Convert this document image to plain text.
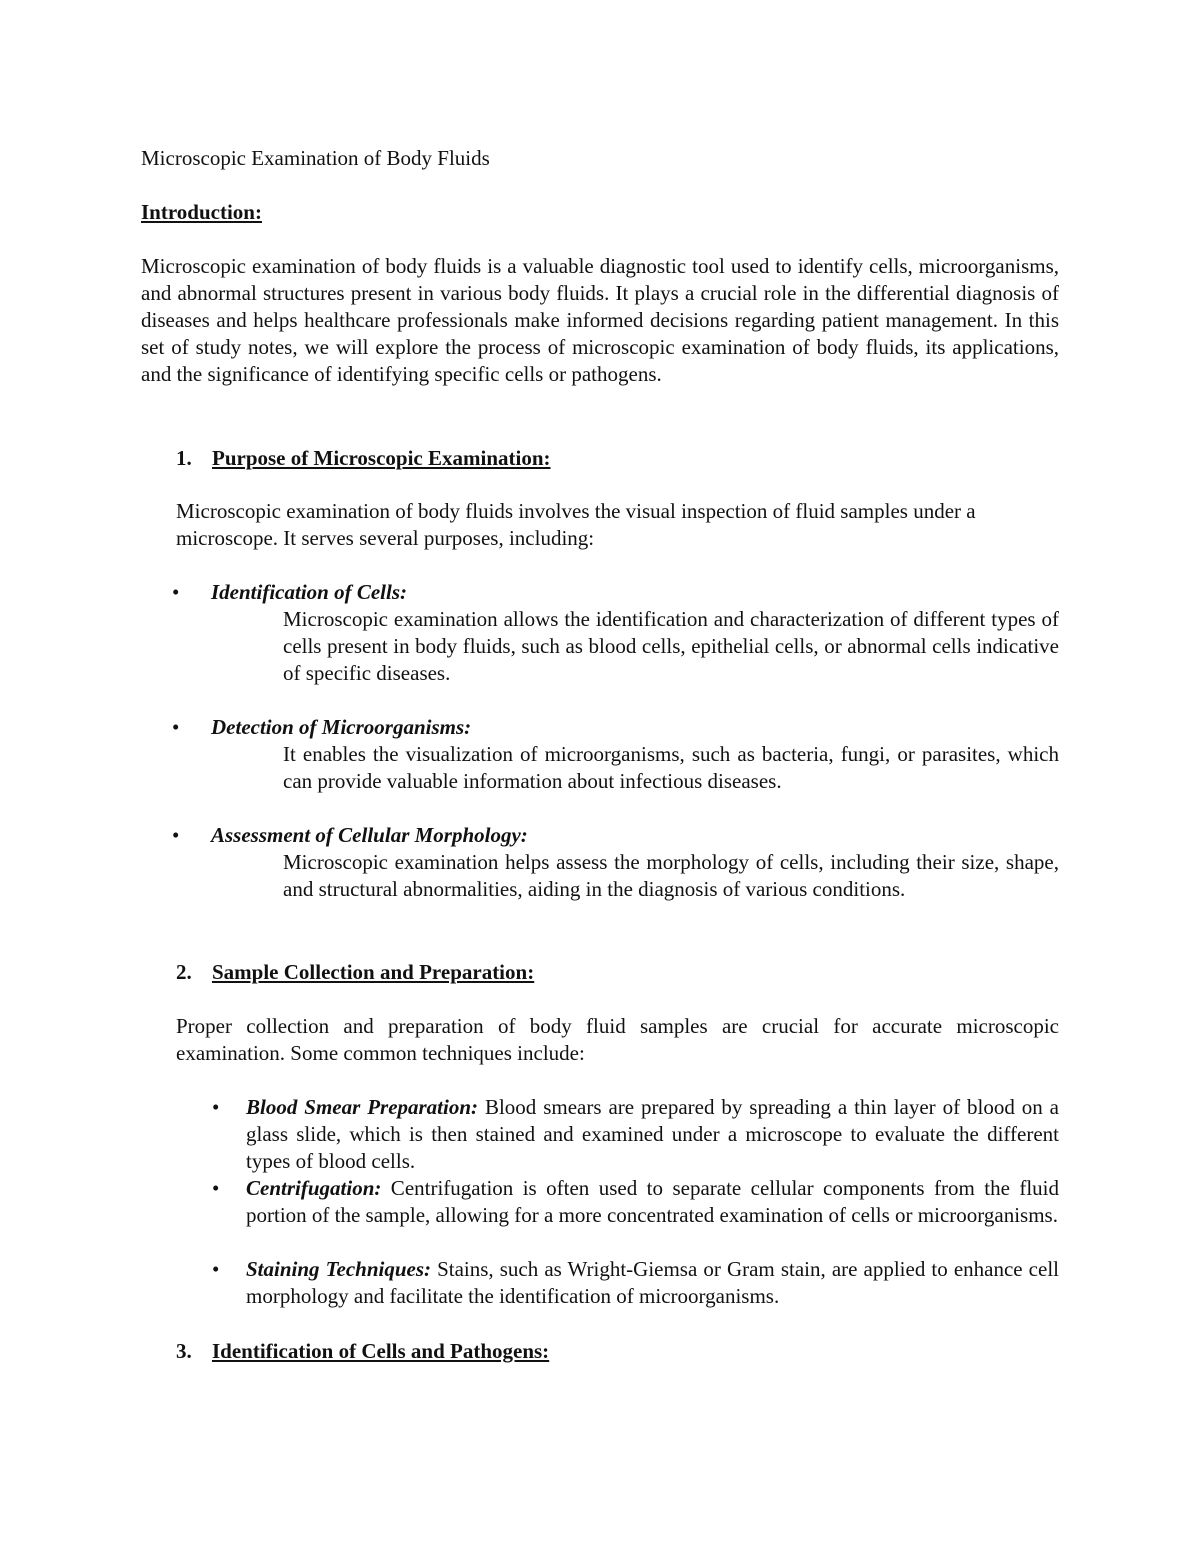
Microscopic Examination of Body Fluids

Introduction:

Microscopic examination of body fluids is a valuable diagnostic tool used to identify cells, microorganisms, and abnormal structures present in various body fluids. It plays a crucial role in the differential diagnosis of diseases and helps healthcare professionals make informed decisions regarding patient management. In this set of study notes, we will explore the process of microscopic examination of body fluids, its applications, and the significance of identifying specific cells or pathogens.

1. Purpose of Microscopic Examination:

Microscopic examination of body fluids involves the visual inspection of fluid samples under a microscope. It serves several purposes, including:

• Identification of Cells:

Microscopic examination allows the identification and characterization of different types of cells present in body fluids, such as blood cells, epithelial cells, or abnormal cells indicative of specific diseases.

• Detection of Microorganisms:

It enables the visualization of microorganisms, such as bacteria, fungi, or parasites, which can provide valuable information about infectious diseases.

• Assessment of Cellular Morphology:

Microscopic examination helps assess the morphology of cells, including their size, shape, and structural abnormalities, aiding in the diagnosis of various conditions.

2. Sample Collection and Preparation:

Proper collection and preparation of body fluid samples are crucial for accurate microscopic examination. Some common techniques include:

• Blood Smear Preparation: Blood smears are prepared by spreading a thin layer of blood on a glass slide, which is then stained and examined under a microscope to evaluate the different types of blood cells.

• Centrifugation: Centrifugation is often used to separate cellular components from the fluid portion of the sample, allowing for a more concentrated examination of cells or microorganisms.

• Staining Techniques: Stains, such as Wright-Giemsa or Gram stain, are applied to enhance cell morphology and facilitate the identification of microorganisms.

3. Identification of Cells and Pathogens:
